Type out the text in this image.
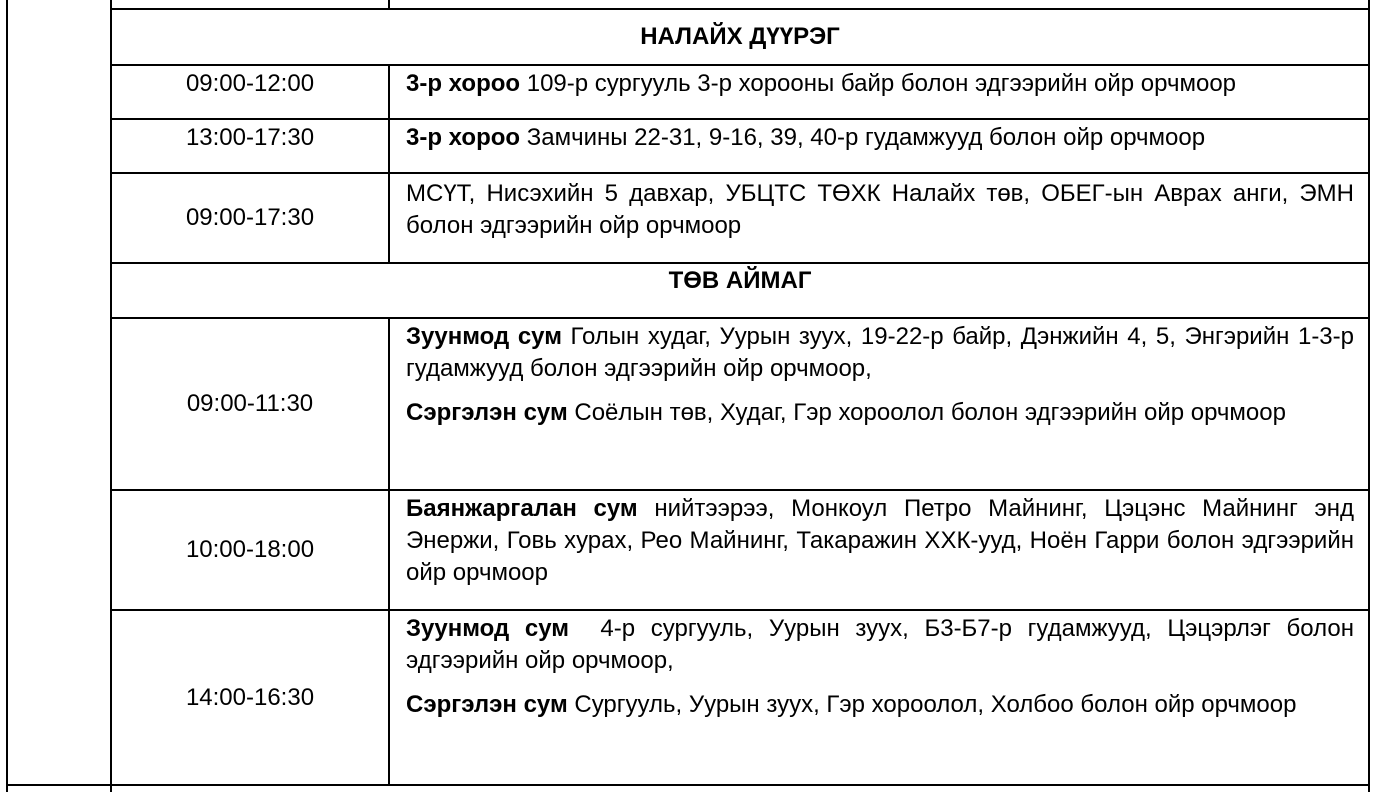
НАЛАЙХ ДҮҮРЭГ
09:00-12:00	3-р хороо 109-р сургууль 3-р хорооны байр болон эдгээрийн ойр орчмоор

13:00-17:30	3-р хороо Замчины 22-31, 9-16, 39, 40-р гудамжууд болон ойр орчмоор

09:00-17:30

МСҮТ, Нисэхийн 5 давхар, УБЦТС ТӨХК Налайх төв, ОБЕГ-ын Аврах анги, ЭМН болон эдгээрийн ойр орчмоор

ТӨВ АЙМАГ
09:00-11:30

Зуунмод сум Голын худаг, Уурын зуух, 19-22-р байр, Дэнжийн 4, 5, Энгэрийн 1-3-р гудамжууд болон эдгээрийн ойр орчмоор,

Сэргэлэн сум Соёлын төв, Худаг, Гэр хороолол болон эдгээрийн ойр орчмоор

10:00-18:00

Баянжаргалан сум нийтээрээ, Монкоул Петро Майнинг, Цэцэнс Майнинг энд Энержи, Говь хурах, Рео Майнинг, Такаражин ХХК-ууд, Ноён Гарри болон эдгээрийн ойр орчмоор

14:00-16:30

Зуунмод сум  4-р сургууль, Уурын зуух, Б3-Б7-р гудамжууд, Цэцэрлэг болон эдгээрийн ойр орчмоор,

Сэргэлэн сум Сургууль, Уурын зуух, Гэр хороолол, Холбоо болон ойр орчмоор
